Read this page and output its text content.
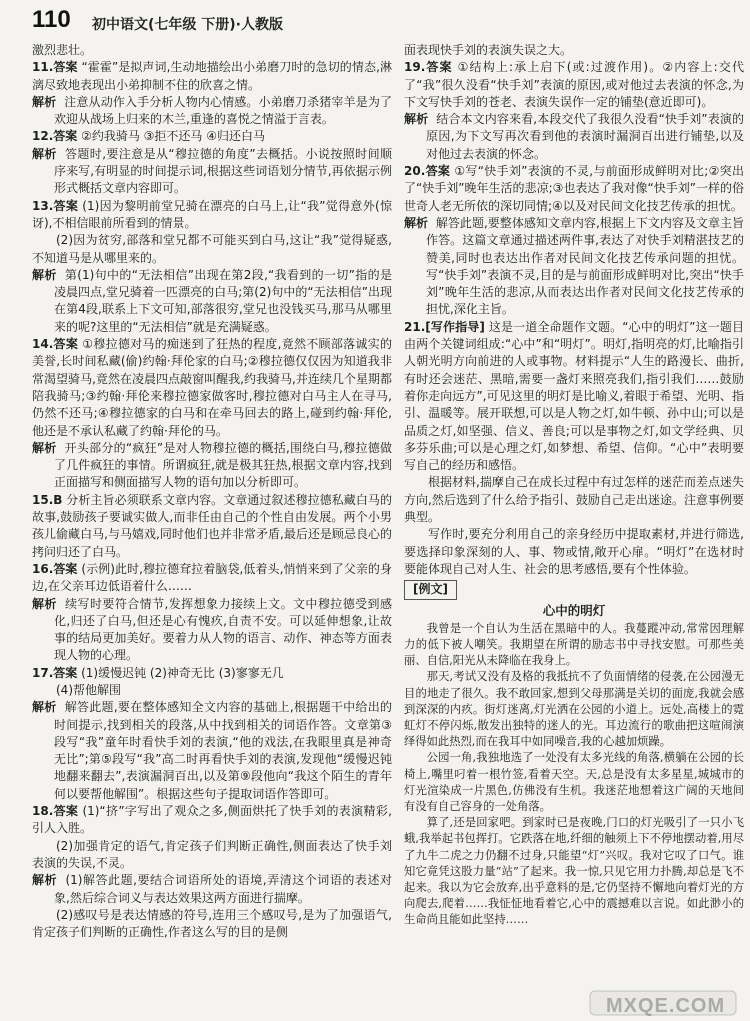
110 初中语文(七年级 下册)·人教版

激烈悲壮。

11.答案 “霍霍”是拟声词,生动地描绘出小弟磨刀时的急切的情态,淋漓尽致地表现出小弟抑制不住的欣喜之情。

解析 注意从动作入手分析人物内心情感。小弟磨刀杀猪宰羊是为了欢迎从战场上归来的木兰,重逢的喜悦之情溢于言表。

12.答案 ②约我骑马 ③拒不还马 ④归还白马

解析 答题时,要注意是从“穆拉德的角度”去概括。小说按照时间顺序来写,有明显的时间提示词,根据这些词语划分情节,再依据示例形式概括文章内容即可。

13.答案 (1)因为黎明前堂兄骑在漂亮的白马上,让“我”觉得意外(惊讶),不相信眼前所看到的情景。

(2)因为贫穷,部落和堂兄都不可能买到白马,这让“我”觉得疑惑,不知道马是从哪里来的。

解析 第(1)句中的“无法相信”出现在第2段,“我看到的一切”指的是凌晨四点,堂兄骑着一匹漂亮的白马;第(2)句中的“无法相信”出现在第4段,联系上下文可知,部落很穷,堂兄也没钱买马,那马从哪里来的呢?这里的“无法相信”就是充满疑惑。

14.答案 ①穆拉德对马的痴迷到了狂热的程度,竟然不顾部落诚实的美誉,长时间私藏(偷)约翰·拜伦家的白马;②穆拉德仅仅因为知道我非常渴望骑马,竟然在凌晨四点敲窗叫醒我,约我骑马,并连续几个星期都陪我骑马;③约翰·拜伦来穆拉德家做客时,穆拉德对白马主人在寻马,仍然不还马;④穆拉德家的白马和在牵马回去的路上,碰到约翰·拜伦,他还是不承认私藏了约翰·拜伦的马。

解析 开头部分的“疯狂”是对人物穆拉德的概括,围绕白马,穆拉德做了几件疯狂的事情。所谓疯狂,就是极其狂热,根据文章内容,找到正面描写和侧面描写人物的语句加以分析即可。

15.B 分析主旨必须联系文章内容。文章通过叙述穆拉德私藏白马的故事,鼓励孩子要诚实做人,而非任由自己的个性自由发展。两个小男孩儿偷藏白马,与马嬉戏,同时他们也并非常矛盾,最后还是顾忌良心的拷问归还了白马。

16.答案 (示例)此时,穆拉德耷拉着脑袋,低着头,悄悄来到了父亲的身边,在父亲耳边低语着什么……

解析 续写时要符合情节,发挥想象力接续上文。文中穆拉德受到感化,归还了白马,但还是心有愧疚,自责不安。可以延伸想象,让故事的结局更加美好。要着力从人物的语言、动作、神态等方面表现人物的心理。

17.答案 (1)缓慢迟钝 (2)神奇无比 (3)寥寥无几

(4)帮他解围

解析 解答此题,要在整体感知全文内容的基础上,根据题干中给出的时间提示,找到相关的段落,从中找到相关的词语作答。文章第③段写“我”童年时看快手刘的表演,“他的戏法,在我眼里真是神奇无比”;第⑤段写“我”高二时再看快手刘的表演,发现他“缓慢迟钝地翻来翻去”,表演漏洞百出,以及第⑨段他向“我这个陌生的青年何以要帮他解围”。根据这些句子提取词语作答即可。

18.答案 (1)“挤”字写出了观众之多,侧面烘托了快手刘的表演精彩,引人入胜。

(2)加强肯定的语气,肯定孩子们判断正确性,侧面表达了快手刘表演的失误,不灵。

解析 (1)解答此题,要结合词语所处的语境,弄清这个词语的表述对象,然后综合词义与表达效果这两方面进行揣摩。

(2)感叹号是表达情感的符号,连用三个感叹号,是为了加强语气,肯定孩子们判断的正确性,作者这么写的目的是侧

面表现快手刘的表演失误之大。

19.答案 ①结构上:承上启下(或:过渡作用)。②内容上:交代了“我”很久没看“快手刘”表演的原因,或对他过去表演的怀念,为下文写快手刘的苍老、表演失误作一定的铺垫(意近即可)。

解析 结合本文内容来看,本段交代了我很久没看“快手刘”表演的原因,为下文写再次看到他的表演时漏洞百出进行铺垫,以及对他过去表演的怀念。

20.答案 ①写“快手刘”表演的不灵,与前面形成鲜明对比;②突出了“快手刘”晚年生活的悲凉;③也表达了我对像“快手刘”一样的俗世奇人老无所依的深切同情;④以及对民间文化技艺传承的担忧。

解析 解答此题,要整体感知文章内容,根据上下文内容及文章主旨作答。这篇文章通过描述两件事,表达了对快手刘精湛技艺的赞美,同时也表达出作者对民间文化技艺传承问题的担忧。写“快手刘”表演不灵,目的是与前面形成鲜明对比,突出“快手刘”晚年生活的悲凉,从而表达出作者对民间文化技艺传承的担忧,深化主旨。

21.[写作指导] 这是一道全命题作文题。“心中的明灯”这一题目由两个关键词组成:“心中”和“明灯”。明灯,指明亮的灯,比喻指引人朝光明方向前进的人或事物。材料提示“人生的路漫长、曲折,有时还会迷茫、黑暗,需要一盏灯来照亮我们,指引我们……鼓励着你走向远方”,可见这里的明灯是比喻义,着眼于希望、光明、指引、温暖等。展开联想,可以是人物之灯,如牛顿、孙中山;可以是品质之灯,如坚强、信义、善良;可以是事物之灯,如文学经典、贝多芬乐曲;可以是心理之灯,如梦想、希望、信仰。“心中”表明要写自己的经历和感悟。

根据材料,揣摩自己在成长过程中有过怎样的迷茫而差点迷失方向,然后选到了什么给予指引、鼓励自己走出迷途。注意事例要典型。

写作时,要充分利用自己的亲身经历中提取素材,并进行筛选,要选择印象深刻的人、事、物或情,敞开心扉。“明灯”在选材时要能体现自己对人生、社会的思考感悟,要有个性体验。

[例文]

心中的明灯

我曾是一个自认为生活在黑暗中的人。我蔓蹤冲动,常常因理解力的低下被人嘲笑。我期望在所谓的励志书中寻找安慰。可那些美丽、自信,阳光从未降临在我身上。

那天,考试又没有及格的我抵抗不了负面情绪的侵袭,在公园漫无目的地走了很久。我不敢回家,想到父母那满是关切的面庞,我就会感到深深的内疚。街灯迷离,灯光洒在公园的小道上。远处,高楼上的霓虹灯不停闪烁,散发出独特的迷人的光。耳边流行的歌曲把这喧闹演绎得如此热烈,而在我耳中如同噪音,我的心越加烦躁。

公园一角,我独地选了一处没有太多光线的角落,横躺在公园的长椅上,嘴里叼着一根竹签,看着天空。天,总是没有太多星星,城城市的灯光渲染成一片黑色,仿佛没有生机。我迷茫地想着这广阔的天地间有没有自己容身的一处角落。

算了,还是回家吧。到家时已是夜晚,门口的灯光吸引了一只小飞蛾,我举起书包挥打。它跌落在地,纤细的触须上下不停地摆动着,用尽了九牛二虎之力仍翻不过身,只能望“灯”兴叹。我对它叹了口气。谁知它竟凭这股力量“站”了起来。我一惊,只见它用力扑腾,却总是飞不起来。我以为它会放弃,出乎意料的是,它仍坚持不懈地向着灯光的方向爬去,爬着……我怔怔地看着它,心中的震撼难以言说。如此渺小的生命尚且能如此坚持……

MXQE.COM
